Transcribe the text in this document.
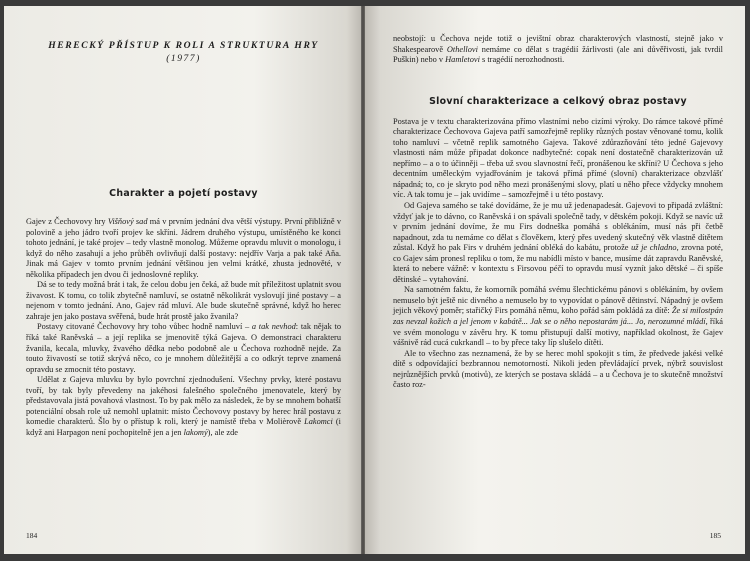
HERECKÝ PŘÍSTUP K ROLI A STRUKTURA HRY
(1977)
Charakter a pojetí postavy

Gajev z Čechovovy hry Višňový sad má v prvním jednání dva větší výstupy. První přibližně v polovině a jeho jádro tvoří projev ke skříni. Jádrem druhého výstupu, umístěného ke konci tohoto jednání, je také projev – tedy vlastně monolog. Můžeme opravdu mluvit o monologu, i když do něho zasahují a jeho průběh ovlivňují další postavy: nejdřív Varja a pak také Aňa. Jinak má Gajev v tomto prvním jednání většinou jen velmi krátké, zhusta jednověté, v několika případech jen dvou či jednoslovné repliky.

Dá se to tedy možná brát i tak, že celou dobu jen čeká, až bude mít příležitost uplatnit svou živavost. K tomu, co tolik zbytečně namluví, se ostatně několikrát vyslovují jiné postavy – a nejenom v tomto jednání. Ano, Gajev rád mluví. Ale bude skutečně správné, když ho herec zahraje jen jako postava svěřená, bude hrát prostě jako žvanila?

Postavy citované Čechovovy hry toho vůbec hodně namluví – a tak nevhod: tak nějak to říká také Raněvská – a její replika se jmenovitě týká Gajeva. O demonstraci charakteru žvanila, kecala, mluvky, žvavého dědka nebo podobně ale u Čechova rozhodně nejde. Za touto živavostí se totiž skrývá něco, co je mnohem důležitější a co odkrýt teprve znamená opravdu se zmocnit této postavy.

Udělat z Gajeva mluvku by bylo povrchní zjednodušení. Všechny prvky, které postavu tvoří, by tak byly převedeny na jakéhosi falešného společného jmenovatele, který by představovala jistá povahová vlastnost. To by pak mělo za následek, že by se mnohem bohatší potenciální obsah role už nemohl uplatnit: místo Čechovovy postavy by herec hrál postavu z komedie charakterů. Šlo by o přístup k roli, který je namístě třeba v Molièrově Lakomci (i když ani Harpagon není pochopitelně jen a jen lakomý), ale zde

184

neobstojí: u Čechova nejde totiž o jevištní obraz charakterových vlastností, stejně jako v Shakespearově Othellovi nemáme co dělat s tragédií žárlivosti (ale ani důvěřivosti, jak tvrdil Puškin) nebo v Hamletovi s tragédií nerozhodnosti.

Slovní charakterizace a celkový obraz postavy

Postava je v textu charakterizována přímo vlastními nebo cizími výroky. Do rámce takové přímé charakterizace Čechovova Gajeva patří samozřejmě repliky různých postav věnované tomu, kolik toho namluví – včetně replik samotného Gajeva. Takové zdůrazňování této jedné Gajevovy vlastnosti nám může připadat dokonce nadbytečné: copak není dostatečně charakterizován už nepřímo – a o to účinněji – třeba už svou slavnostní řečí, pronášenou ke skříni? U Čechova s jeho decentním uměleckým vyjadřováním je taková přímá přímé (slovní) charakterizace obzvlášť nápadná; to, co je skryto pod něho mezi pronášenými slovy, platí u něho přece vždycky mnohem víc. A tak tomu je – jak uvidíme – samozřejmě i u této postavy.

Od Gajeva samého se také dovídáme, že je mu už jedenapadesát. Gajevovi to připadá zvláštní: vždyť jak je to dávno, co Raněvská i on spávali společně tady, v dětském pokoji. Když se navíc už v prvním jednání dovíme, že mu Firs dodneška pomáhá s oblékáním, musí nás při četbě napadnout, zda tu nemáme co dělat s člověkem, který přes uvedený skutečný věk vlastně dítětem zůstal. Když ho pak Firs v druhém jednání obléká do kabátu, protože už je chladno, zrovna poté, co Gajev sám pronesl repliku o tom, že mu nabídli místo v bance, musíme dát zapravdu Raněvské, která to nebere vážně: v kontextu s Firsovou péčí to opravdu musí vyznít jako dětské – či spíše dětinské – vytahování.

Na samotném faktu, že komorník pomáhá svému šlechtickému pánovi s oblékáním, by ovšem nemuselo být ještě nic divného a nemuselo by to vypovídat o pánově dětinství. Nápadný je ovšem jejich věkový poměr; stařičký Firs pomáhá němu, koho pořád sám pokládá za dítě: Že si milostpán zas nevzal kožich a jel jenom v kabátě... Jak se o něho nepostarám já... Jo, nerozumné mládí, říká ve svém monologu v závěru hry. K tomu přistupují další motivy, například okolnost, že Gajev vášnivě rád cucá cukrkandl – to by přece taky líp slušelo dítěti.

Ale to všechno zas neznamená, že by se herec mohl spokojit s tím, že předvede jakési velké dítě s odpovídající bezbrannou nemotorností. Nikoli jeden převládající prvek, nýbrž souvislost nejrůznějších prvků (motivů), ze kterých se postava skládá – a u Čechova je to skutečně množství často roz-

185
